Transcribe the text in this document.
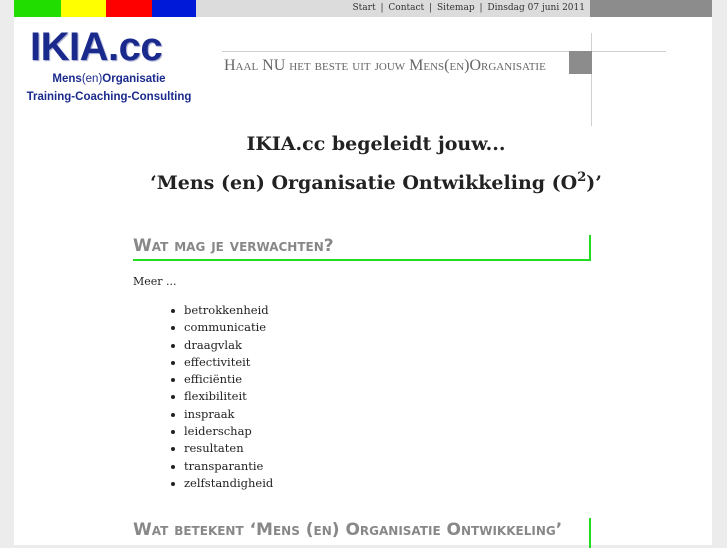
Start | Contact | Sitemap | Dinsdag 07 juni 2011
IKIA.cc
Mens(en)Organisatie
Training-Coaching-Consulting
Haal NU het beste uit jouw Mens(en)Organisatie
IKIA.cc begeleidt jouw...
‘Mens (en) Organisatie Ontwikkeling $(O^2)$’
Wat mag je verwachten?
Meer ...
betrokkenheid
communicatie
draagvlak
effectiviteit
efficiëntie
flexibiliteit
inspraak
leiderschap
resultaten
transparantie
zelfstandigheid
Wat betekent ‘Mens (en) Organisatie Ontwikkeling’
